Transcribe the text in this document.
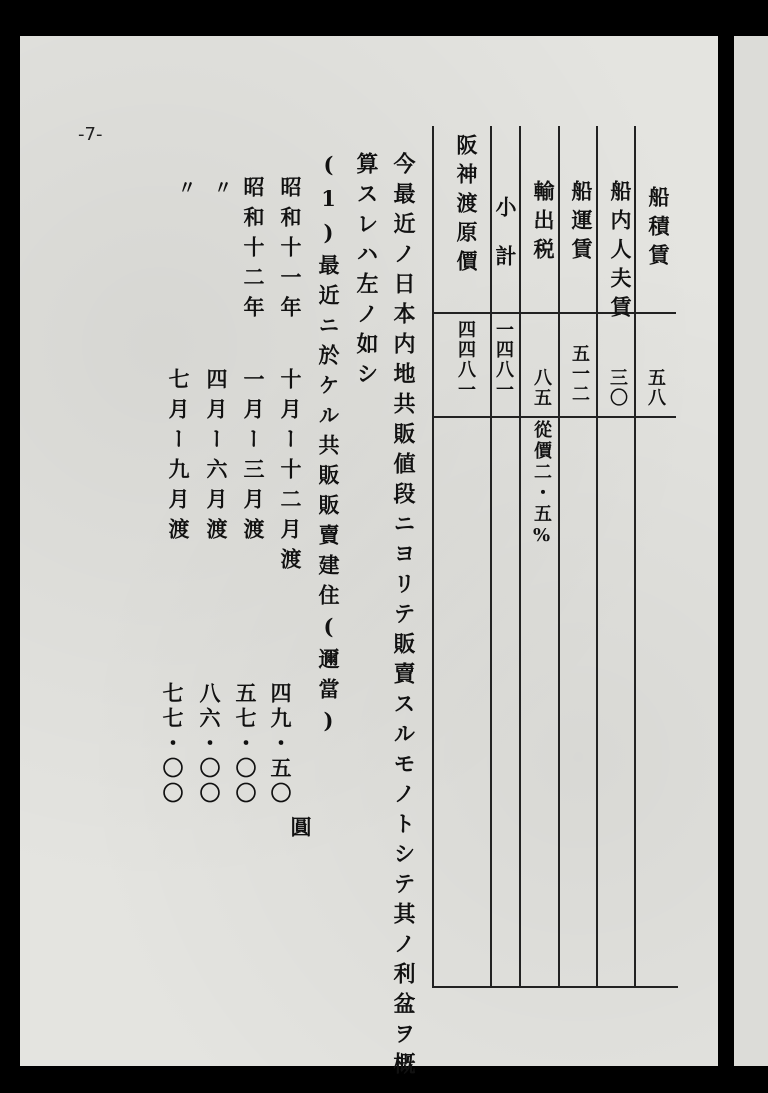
-7-
今最近ノ日本内地共販値段ニヨリテ販賣スルモノトシテ其ノ利盆ヲ概
算スレハ左ノ如シ
(1)最近ニ於ケル共販販賣建住(邇當)
昭和十一年
十月ー十二月渡
四九・五〇
昭和十二年
一月ー三月渡
五七・〇〇
〃
四月ー六月渡
八六・〇〇
〃
七月ー九月渡
七七・〇〇
圓
船積賃
船内人夫賃
船運賃
輸出税
小計
阪神渡原價
五八
三〇
五一二
八五
一四八一
四四八一
從價二・五%
